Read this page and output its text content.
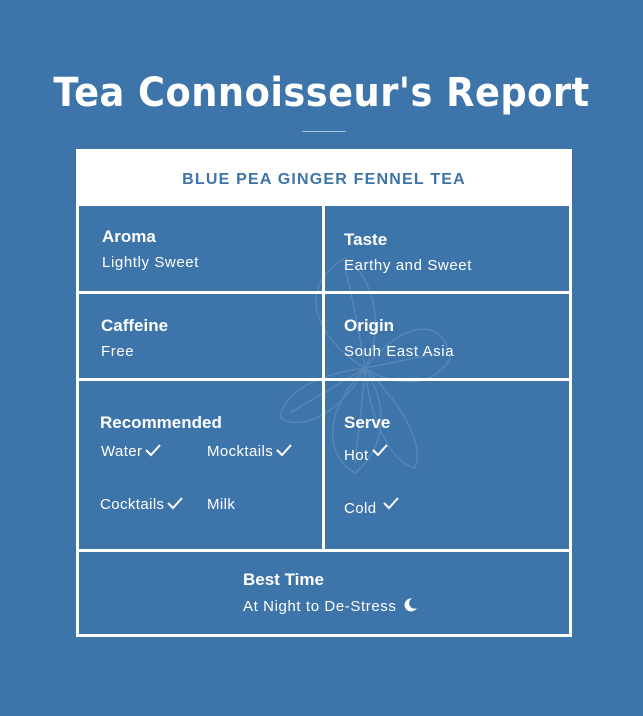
Tea Connoisseur's Report
BLUE PEA GINGER FENNEL TEA
Aroma
Lightly Sweet
Taste
Earthy and Sweet
Caffeine
Free
Origin
Souh East Asia
Recommended
Water	Mocktails
Cocktails	Milk
Serve
Hot
Cold
Best Time
At Night to De-Stress
